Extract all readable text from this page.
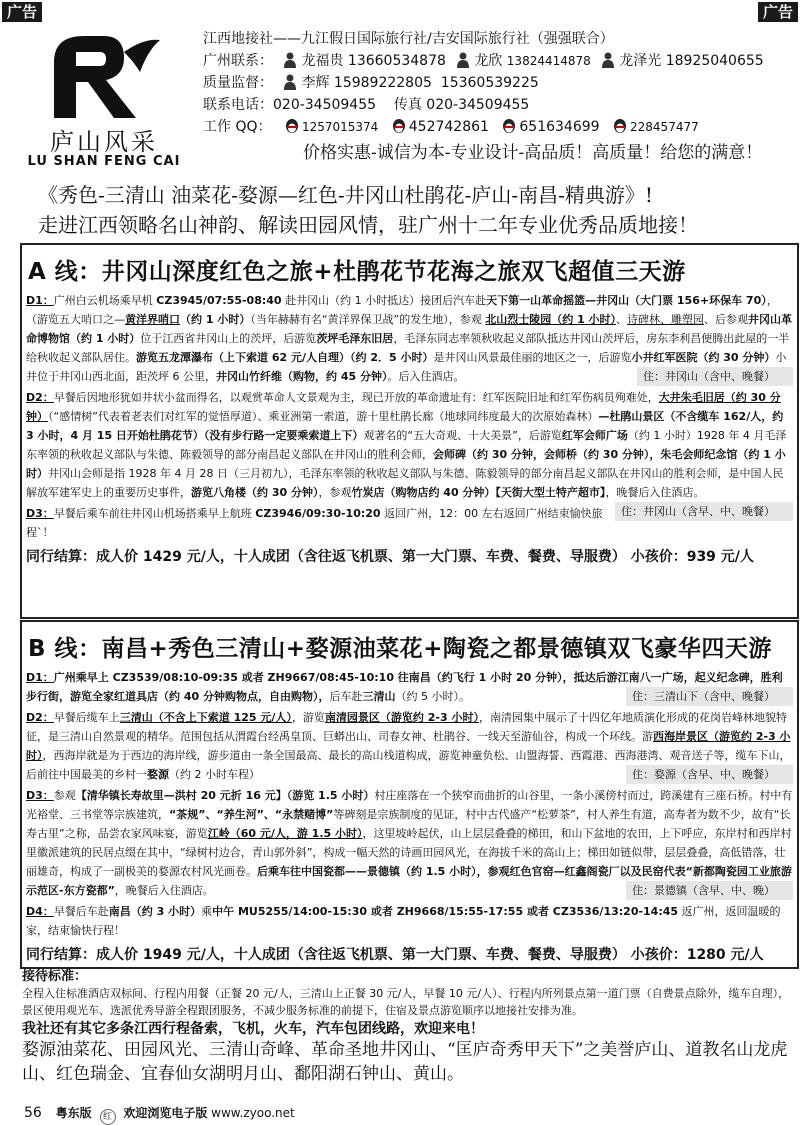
广告	广告
庐山风采
LU SHAN FENG CAI
江西地接社——九江假日国际旅行社/吉安国际旅行社（强强联合）
广州联系： 龙福贵 13660534878 龙欣 13824414878 龙泽光 18925040655
质量监督： 李辉 15989222805 15360539225
联系电话：020-34509455 传真 020-34509455
工作 QQ：	1257015374 452742861 651634699	228457477
价格实惠-诚信为本-专业设计-高品质！高质量！给您的满意！
《秀色-三清山 油菜花-婺源—红色-井冈山杜鹃花-庐山-南昌-精典游》!
走进江西领略名山神韵、解读田园风情，驻广州十二年专业优秀品质地接！
A 线：井冈山深度红色之旅+杜鹃花节花海之旅双飞超值三天游
D1：广州白云机场乘早机 CZ3945/07:55-08:40 赴井冈山（约 1 小时抵达）接团后汽车赴天下第一山革命摇篮—井冈山（大门票 156+环保车 70），（游览五大哨口之—黄洋界哨口（约 1 小时）（当年赫赫有名“黄洋界保卫战”的发生地），参观 北山烈士陵园（约 1 小时）、诗碑林、雕塑园、后参观井冈山革命博物馆（约 1 小时）位于江西省井冈山上的茨坪，后游览茨坪毛泽东旧居，毛泽东同志率领秋收起义部队抵达井冈山茨坪后，房东李利昌便腾出此屋的一半给秋收起义部队居住。游览五龙潭瀑布（上下索道 62 元/人自理）（约 2．5 小时）是井冈山风景最佳丽的地区之一，后游览小井红军医院（约 30 分钟）小井位于井冈山西北面，距茨坪 6 公里，井冈山竹纤维（购物，约 45 分钟）。后入住酒店。	住：井冈山（含中、晚餐）
D2：早餐后因地形犹如井状小盆而得名，以观赏革命人文景观为主，现已开放的革命遗址有：红军医院旧址和红军伤病员殉难处，大井朱毛旧居（约 30 分钟）（“感情树”代表着老表们对红军的觉悟厚道）、乘亚洲第一索道，游十里杜鹃长廊（地球同纬度最大的次原始森林）—杜鹃山景区（不含缆车 162/人，约 3 小时，4 月 15 日开始杜鹃花节）（没有步行路一定要乘索道上下）观著名的“五大奇观、十大美景”，后游览红军会师广场（约 1 小时）1928 年 4 月毛泽东率领的秋收起义部队与朱德、陈毅领导的部分南昌起义部队在井冈山的胜利会师，会师碑（约 30 分钟，会师桥（约 30 分钟），朱毛会师纪念馆（约 1 小时）井冈山会师是指 1928 年 4 月 28 日（三月初九），毛泽东率领的秋收起义部队与朱德、陈毅领导的部分南昌起义部队在井冈山的胜利会师，是中国人民解放军建军史上的重要历史事件，游览八角楼（约 30 分钟），参观竹炭店（购物店约 40 分钟）【天街大型土特产超市】，晚餐后入住酒店。
住：井冈山（含早、中、晚餐）
D3：早餐后乘车前往井冈山机场搭乘早上航班 CZ3946/09:30-10:20 返回广州，12：00 左右返回广州结束愉快旅程`！
同行结算：成人价 1429 元/人，十人成团（含往返飞机票、第一大门票、车费、餐费、导服费） 小孩价：939 元/人
B 线：南昌+秀色三清山+婺源油菜花+陶瓷之都景德镇双飞豪华四天游
D1：广州乘早上 CZ3539/08:10-09:35 或者 ZH9667/08:45-10:10 往南昌（约飞行 1 小时 20 分钟），抵达后游江南八一广场，起义纪念碑，胜利步行街，游览全家红道具店（约 40 分钟购物点，自由购物），后车赴三清山（约 5 小时）。	住：三清山下（含中、晚餐）
D2：早餐后缆车上三清山（不含上下索道 125 元/人），游览南清园景区（游览约 2-3 小时），南清园集中展示了十四亿年地质演化形成的花岗岩峰林地貌特征，是三清山自然景观的精华。范围包括从渭霞台经禹皇顶、巨蟒出山、司春女神、杜鹃谷、一线天至游仙谷，构成一个环线。游西海岸景区（游览约 2-3 小时），西海岸就是为于西边的海岸线，游步道由一条全国最高、最长的高山栈道构成，游览神童负松、山盟海誓、西霞港、西海港湾、观音送子等，缆车下山，后前往中国最美的乡村一婺源（约 2 小时车程）	住：婺源（含早、中、晚餐）
D3：参观【清华镇长寿故里—洪村 20 元折 16 元】（游览 1.5 小时）村庄座落在一个狭窄而曲折的山谷里，一条小溪傍村而过，跨溪建有三座石桥。村中有光裕堂、三书堂等宗族建筑，“茶规”、“养生河”、“永禁赌博”等碑刻是宗族制度的见证，村中古代盛产“松萝茶”，村人养生有道，高寿者为数不少，故有“长寿古里”之称，品尝农家风味宴，游览江岭（60 元/人，游 1.5 小时），这里坡岭起伏，山上层层叠叠的梯田，和山下盆地的农田，上下呼应，东岸村和西岸村里徽派建筑的民居点缀在其中，“绿树村边合，青山郭外斜”，构成一幅天然的诗画田园风光，在海拔千米的高山上；梯田如链似带，层层叠叠，高低错落，壮丽雄奇，构成了一副极美的婺源农村风光画卷。后乘车往中国瓷都——景德镇（约 1.5 小时），参观红色官窑—红鑫阁瓷厂以及民窑代表“新都陶瓷园工业旅游示范区-东方瓷都”，晚餐后入住酒店。	住：景德镇（含早、中、晚）
D4：早餐后车赴南昌（约 3 小时）乘中午 MU5255/14:00-15:30 或者 ZH9668/15:55-17:55 或者 CZ3536/13:20-14:45 返广州，返回温暖的家，结束愉快行程！
同行结算：成人价 1949 元/人，十人成团（含往返飞机票、第一大门票、车费、餐费、导服费） 小孩价：1280 元/人
接待标准：
全程入住标准酒店双标间、行程内用餐（正餐 20 元/人，三清山上正餐 30 元/人，早餐 10 元/人）、行程内所列景点第一道门票（自费景点除外，缆车自理），景区使用观光车、选派优秀导游全程跟团服务，不减少服务标准的前提下，住宿及景点游览顺序以地接社安排为准。
我社还有其它多条江西行程备索，飞机，火车，汽车包团线路，欢迎来电！
婺源油菜花、田园风光、三清山奇峰、革命圣地井冈山、“匡庐奇秀甲天下”之美誉庐山、道教名山龙虎山、红色瑞金、宜春仙女湖明月山、鄱阳湖石钟山、黄山。
56 粤东版 红 欢迎浏览电子版 www.zyoo.net
